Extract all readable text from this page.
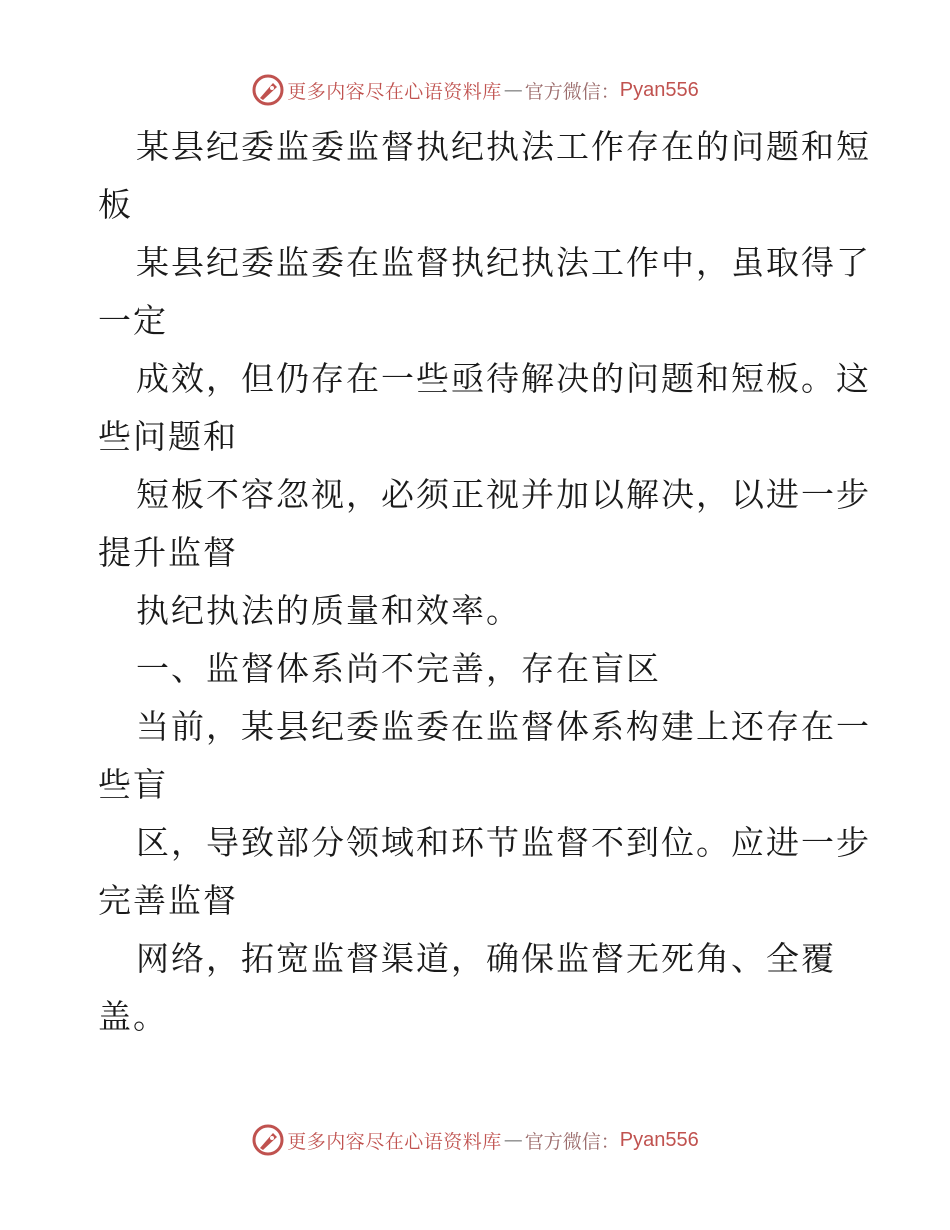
更多内容尽在心语资料库 — 官方微信： Pyan556
某县纪委监委监督执纪执法工作存在的问题和短
板
某县纪委监委在监督执纪执法工作中，虽取得了
一定
成效，但仍存在一些亟待解决的问题和短板。这
些问题和
短板不容忽视，必须正视并加以解决，以进一步
提升监督
执纪执法的质量和效率。
一、监督体系尚不完善，存在盲区
当前，某县纪委监委在监督体系构建上还存在一
些盲
区，导致部分领域和环节监督不到位。应进一步
完善监督
网络，拓宽监督渠道，确保监督无死角、全覆
盖。
更多内容尽在心语资料库 — 官方微信： Pyan556
